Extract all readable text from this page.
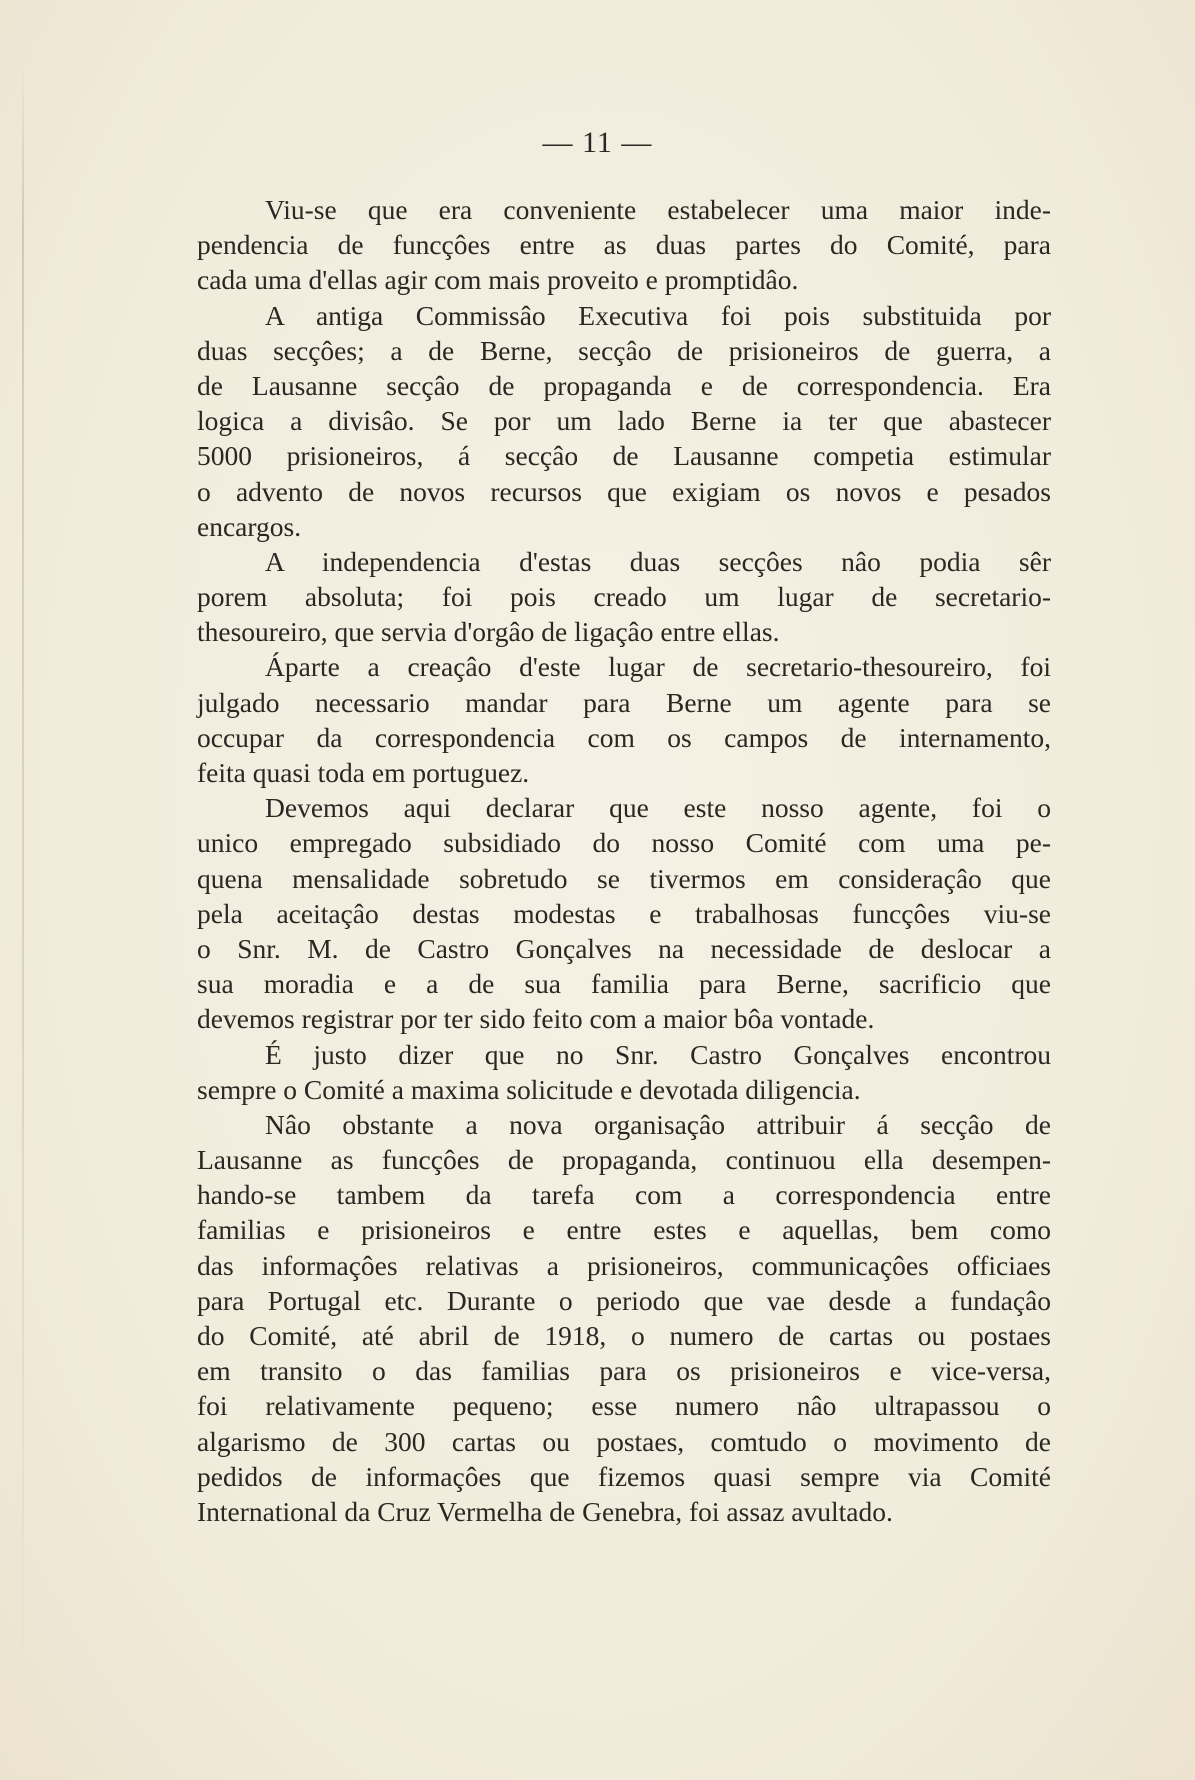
— 11 —
Viu-se que era conveniente estabelecer uma maior inde-
pendencia de funcçôes entre as duas partes do Comité, para
cada uma d'ellas agir com mais proveito e promptidâo.
A antiga Commissâo Executiva foi pois substituida por
duas secçôes; a de Berne, secçâo de prisioneiros de guerra, a
de Lausanne secçâo de propaganda e de correspondencia. Era
logica a divisâo. Se por um lado Berne ia ter que abastecer
5000 prisioneiros, á secçâo de Lausanne competia estimular
o advento de novos recursos que exigiam os novos e pesados
encargos.
A independencia d'estas duas secçôes nâo podia sêr
porem absoluta; foi pois creado um lugar de secretario-
thesoureiro, que servia d'orgâo de ligaçâo entre ellas.
Áparte a creaçâo d'este lugar de secretario-thesoureiro, foi
julgado necessario mandar para Berne um agente para se
occupar da correspondencia com os campos de internamento,
feita quasi toda em portuguez.
Devemos aqui declarar que este nosso agente, foi o
unico empregado subsidiado do nosso Comité com uma pe-
quena mensalidade sobretudo se tivermos em consideraçâo que
pela aceitaçâo destas modestas e trabalhosas funcçôes viu-se
o Snr. M. de Castro Gonçalves na necessidade de deslocar a
sua moradia e a de sua familia para Berne, sacrificio que
devemos registrar por ter sido feito com a maior bôa vontade.
É justo dizer que no Snr. Castro Gonçalves encontrou
sempre o Comité a maxima solicitude e devotada diligencia.
Nâo obstante a nova organisaçâo attribuir á secçâo de
Lausanne as funcçôes de propaganda, continuou ella desempen-
hando-se tambem da tarefa com a correspondencia entre
familias e prisioneiros e entre estes e aquellas, bem como
das informaçôes relativas a prisioneiros, communicaçôes officiaes
para Portugal etc. Durante o periodo que vae desde a fundaçâo
do Comité, até abril de 1918, o numero de cartas ou postaes
em transito o das familias para os prisioneiros e vice-versa,
foi relativamente pequeno; esse numero nâo ultrapassou o
algarismo de 300 cartas ou postaes, comtudo o movimento de
pedidos de informaçôes que fizemos quasi sempre via Comité
International da Cruz Vermelha de Genebra, foi assaz avultado.
